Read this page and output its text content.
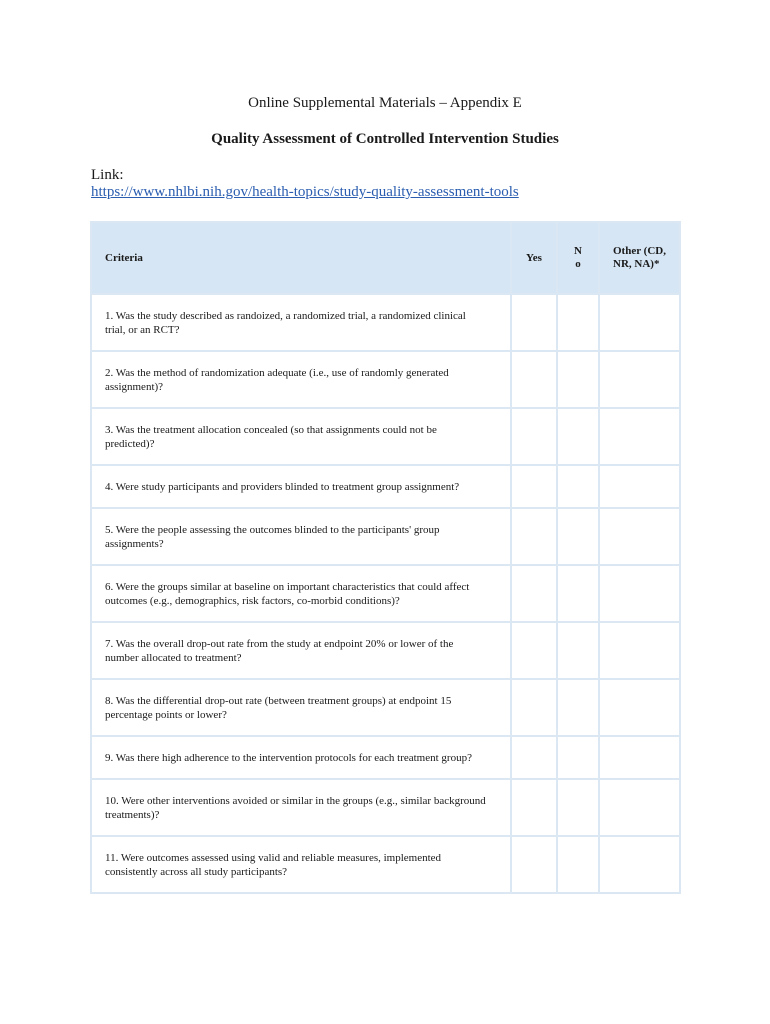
Online Supplemental Materials – Appendix E
Quality Assessment of Controlled Intervention Studies
Link:
https://www.nhlbi.nih.gov/health-topics/study-quality-assessment-tools
Criteria	Yes	No	Other (CD, NR, NA)*
1. Was the study described as randoized, a randomized trial, a randomized clinical trial, or an RCT?			
2. Was the method of randomization adequate (i.e., use of randomly generated assignment)?			
3. Was the treatment allocation concealed (so that assignments could not be predicted)?			
4. Were study participants and providers blinded to treatment group assignment?			
5. Were the people assessing the outcomes blinded to the participants' group assignments?			
6. Were the groups similar at baseline on important characteristics that could affect outcomes (e.g., demographics, risk factors, co-morbid conditions)?			
7. Was the overall drop-out rate from the study at endpoint 20% or lower of the number allocated to treatment?			
8. Was the differential drop-out rate (between treatment groups) at endpoint 15 percentage points or lower?			
9. Was there high adherence to the intervention protocols for each treatment group?			
10. Were other interventions avoided or similar in the groups (e.g., similar background treatments)?			
11. Were outcomes assessed using valid and reliable measures, implemented consistently across all study participants?			
